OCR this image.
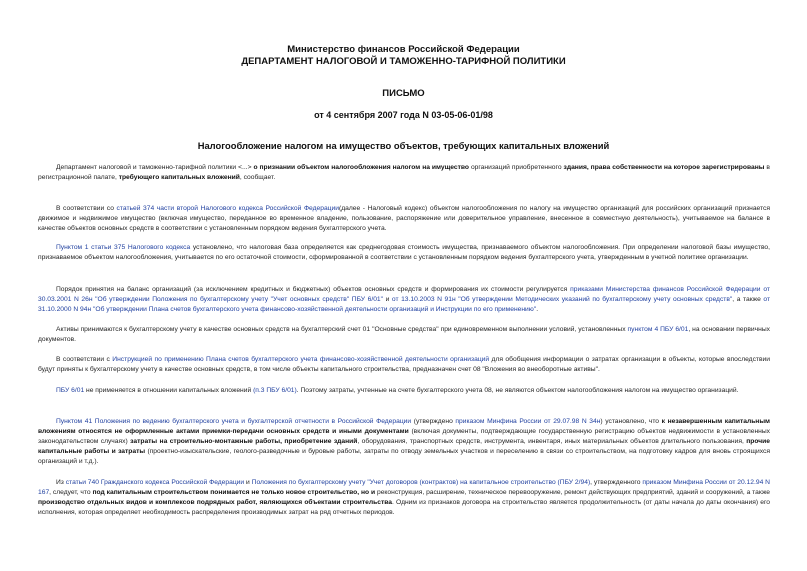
Министерство финансов Российской Федерации
ДЕПАРТАМЕНТ НАЛОГОВОЙ И ТАМОЖЕННО-ТАРИФНОЙ ПОЛИТИКИ
ПИСЬМО
от 4 сентября 2007 года N 03-05-06-01/98
Налогообложение налогом на имущество объектов, требующих капитальных вложений
Департамент налоговой и таможенно-тарифной политики <...> о признании объектом налогообложения налогом на имущество организаций приобретенного здания, права собственности на которое зарегистрированы в регистрационной палате, требующего капитальных вложений, сообщает.
В соответствии со статьей 374 части второй Налогового кодекса Российской Федерации(далее - Налоговый кодекс) объектом налогообложения по налогу на имущество организаций для российских организаций признается движимое и недвижимое имущество (включая имущество, переданное во временное владение, пользование, распоряжение или доверительное управление, внесенное в совместную деятельность), учитываемое на балансе в качестве объектов основных средств в соответствии с установленным порядком ведения бухгалтерского учета.
Пунктом 1 статьи 375 Налогового кодекса установлено, что налоговая база определяется как среднегодовая стоимость имущества, признаваемого объектом налогообложения. При определении налоговой базы имущество, признаваемое объектом налогообложения, учитывается по его остаточной стоимости, сформированной в соответствии с установленным порядком ведения бухгалтерского учета, утвержденным в учетной политике организации.
Порядок принятия на баланс организаций (за исключением кредитных и бюджетных) объектов основных средств и формирования их стоимости регулируется приказами Министерства финансов Российской Федерации от 30.03.2001 N 26н "Об утверждении Положения по бухгалтерскому учету "Учет основных средств" ПБУ 6/01" и от 13.10.2003 N 91н "Об утверждении Методических указаний по бухгалтерскому учету основных средств", а также от 31.10.2000 N 94н "Об утверждении Плана счетов бухгалтерского учета финансово-хозяйственной деятельности организаций и Инструкции по его применению".
Активы принимаются к бухгалтерскому учету в качестве основных средств на бухгалтерский счет 01 "Основные средства" при единовременном выполнении условий, установленных пунктом 4 ПБУ 6/01, на основании первичных документов.
В соответствии с Инструкцией по применению Плана счетов бухгалтерского учета финансово-хозяйственной деятельности организаций для обобщения информации о затратах организации в объекты, которые впоследствии будут приняты к бухгалтерскому учету в качестве основных средств, в том числе объекты капитального строительства, предназначен счет 08 "Вложения во внеоборотные активы".
ПБУ 6/01 не применяется в отношении капитальных вложений (п.3 ПБУ 6/01). Поэтому затраты, учтенные на счете бухгалтерского учета 08, не являются объектом налогообложения налогом на имущество организаций.
Пунктом 41 Положения по ведению бухгалтерского учета и бухгалтерской отчетности в Российской Федерации (утверждено приказом Минфина России от 29.07.98 N 34н) установлено, что к незавершенным капитальным вложениям относятся не оформленные актами приемки-передачи основных средств и иными документами (включая документы, подтверждающие государственную регистрацию объектов недвижимости в установленных законодательством случаях) затраты на строительно-монтажные работы, приобретение зданий, оборудования, транспортных средств, инструмента, инвентаря, иных материальных объектов длительного пользования, прочие капитальные работы и затраты (проектно-изыскательские, геолого-разведочные и буровые работы, затраты по отводу земельных участков и переселению в связи со строительством, на подготовку кадров для вновь строящихся организаций и т.д.).
Из статьи 740 Гражданского кодекса Российской Федерации и Положения по бухгалтерскому учету "Учет договоров (контрактов) на капитальное строительство (ПБУ 2/94), утвержденного приказом Минфина России от 20.12.94 N 167, следует, что под капитальным строительством понимается не только новое строительство, но и реконструкция, расширение, техническое перевооружение, ремонт действующих предприятий, зданий и сооружений, а также производство отдельных видов и комплексов подрядных работ, являющихся объектами строительства. Одним из признаков договора на строительство является продолжительность (от даты начала до даты окончания) его исполнения, которая определяет необходимость распределения производимых затрат на ряд отчетных периодов.
